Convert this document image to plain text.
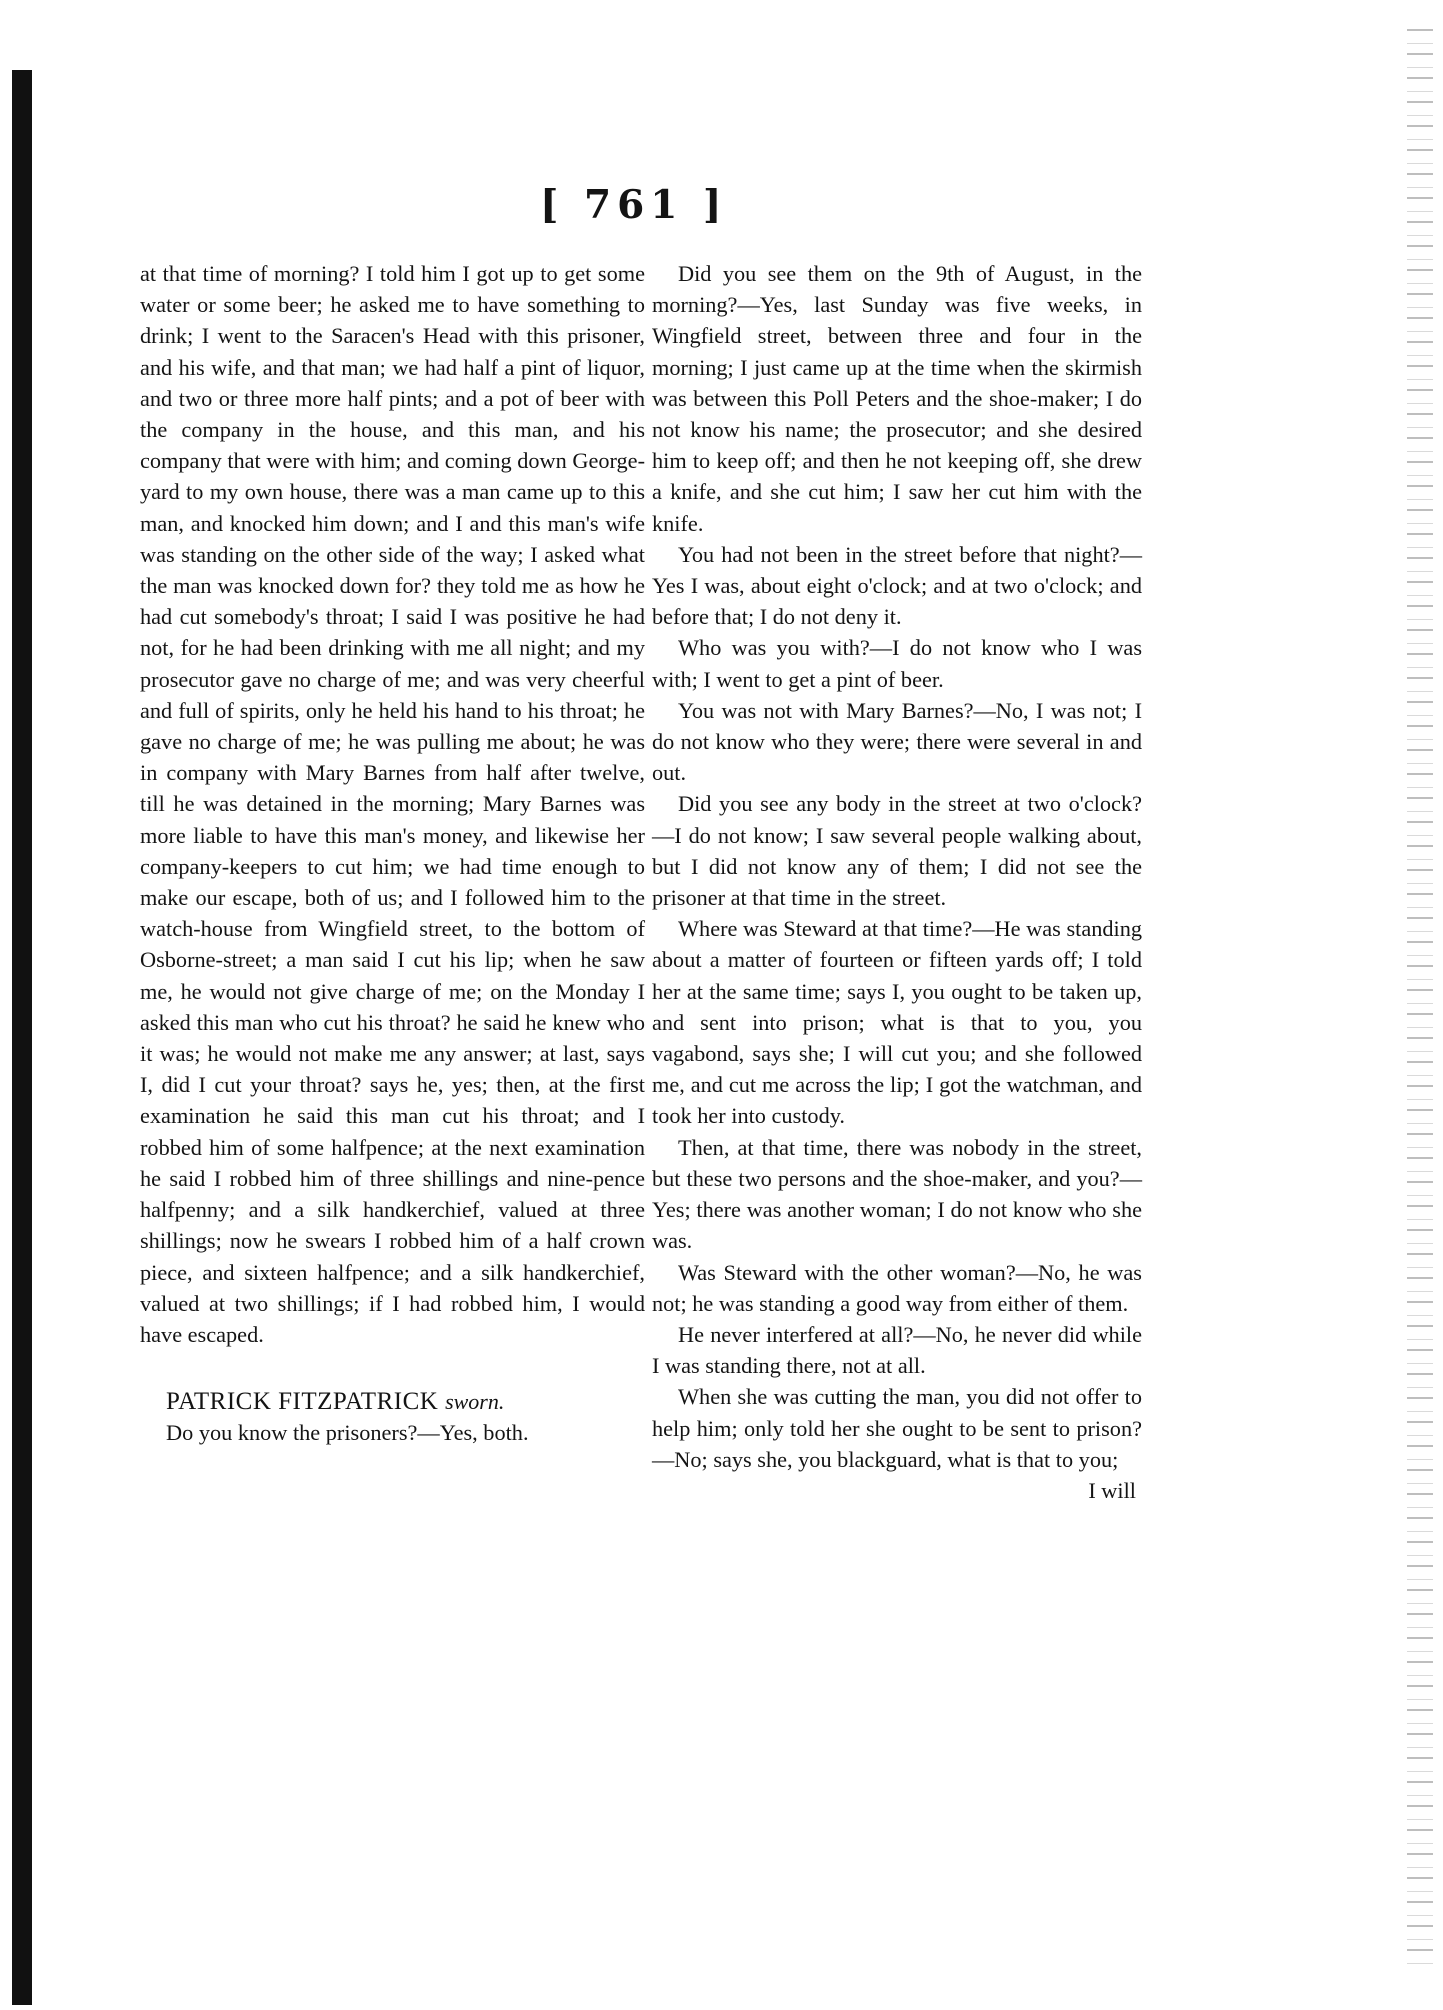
[ 761 ]

at that time of morning? I told him I got up to get some water or some beer; he asked me to have something to drink; I went to the Saracen's Head with this prisoner, and his wife, and that man; we had half a pint of liquor, and two or three more half pints; and a pot of beer with the company in the house, and this man, and his company that were with him; and coming down George-yard to my own house, there was a man came up to this man, and knocked him down; and I and this man's wife was standing on the other side of the way; I asked what the man was knocked down for? they told me as how he had cut somebody's throat; I said I was positive he had not, for he had been drinking with me all night; and my prosecutor gave no charge of me; and was very cheerful and full of spirits, only he held his hand to his throat; he gave no charge of me; he was pulling me about; he was in company with Mary Barnes from half after twelve, till he was detained in the morning; Mary Barnes was more liable to have this man's money, and likewise her company-keepers to cut him; we had time enough to make our escape, both of us; and I followed him to the watch-house from Wingfield street, to the bottom of Osborne-street; a man said I cut his lip; when he saw me, he would not give charge of me; on the Monday I asked this man who cut his throat? he said he knew who it was; he would not make me any answer; at last, says I, did I cut your throat? says he, yes; then, at the first examination he said this man cut his throat; and I robbed him of some halfpence; at the next examination he said I robbed him of three shillings and nine-pence halfpenny; and a silk handkerchief, valued at three shillings; now he swears I robbed him of a half crown piece, and sixteen halfpence; and a silk handkerchief, valued at two shillings; if I had robbed him, I would have escaped.

PATRICK FITZPATRICK sworn.

Do you know the prisoners?—Yes, both.

Did you see them on the 9th of August, in the morning?—Yes, last Sunday was five weeks, in Wingfield street, between three and four in the morning; I just came up at the time when the skirmish was between this Poll Peters and the shoe-maker; I do not know his name; the prosecutor; and she desired him to keep off; and then he not keeping off, she drew a knife, and she cut him; I saw her cut him with the knife.

You had not been in the street before that night?—Yes I was, about eight o'clock; and at two o'clock; and before that; I do not deny it.

Who was you with?—I do not know who I was with; I went to get a pint of beer.

You was not with Mary Barnes?—No, I was not; I do not know who they were; there were several in and out.

Did you see any body in the street at two o'clock?—I do not know; I saw several people walking about, but I did not know any of them; I did not see the prisoner at that time in the street.

Where was Steward at that time?—He was standing about a matter of fourteen or fifteen yards off; I told her at the same time; says I, you ought to be taken up, and sent into prison; what is that to you, you vagabond, says she; I will cut you; and she followed me, and cut me across the lip; I got the watchman, and took her into custody.

Then, at that time, there was nobody in the street, but these two persons and the shoe-maker, and you?—Yes; there was another woman; I do not know who she was.

Was Steward with the other woman?—No, he was not; he was standing a good way from either of them.

He never interfered at all?—No, he never did while I was standing there, not at all.

When she was cutting the man, you did not offer to help him; only told her she ought to be sent to prison?—No; says she, you blackguard, what is that to you;

I will
